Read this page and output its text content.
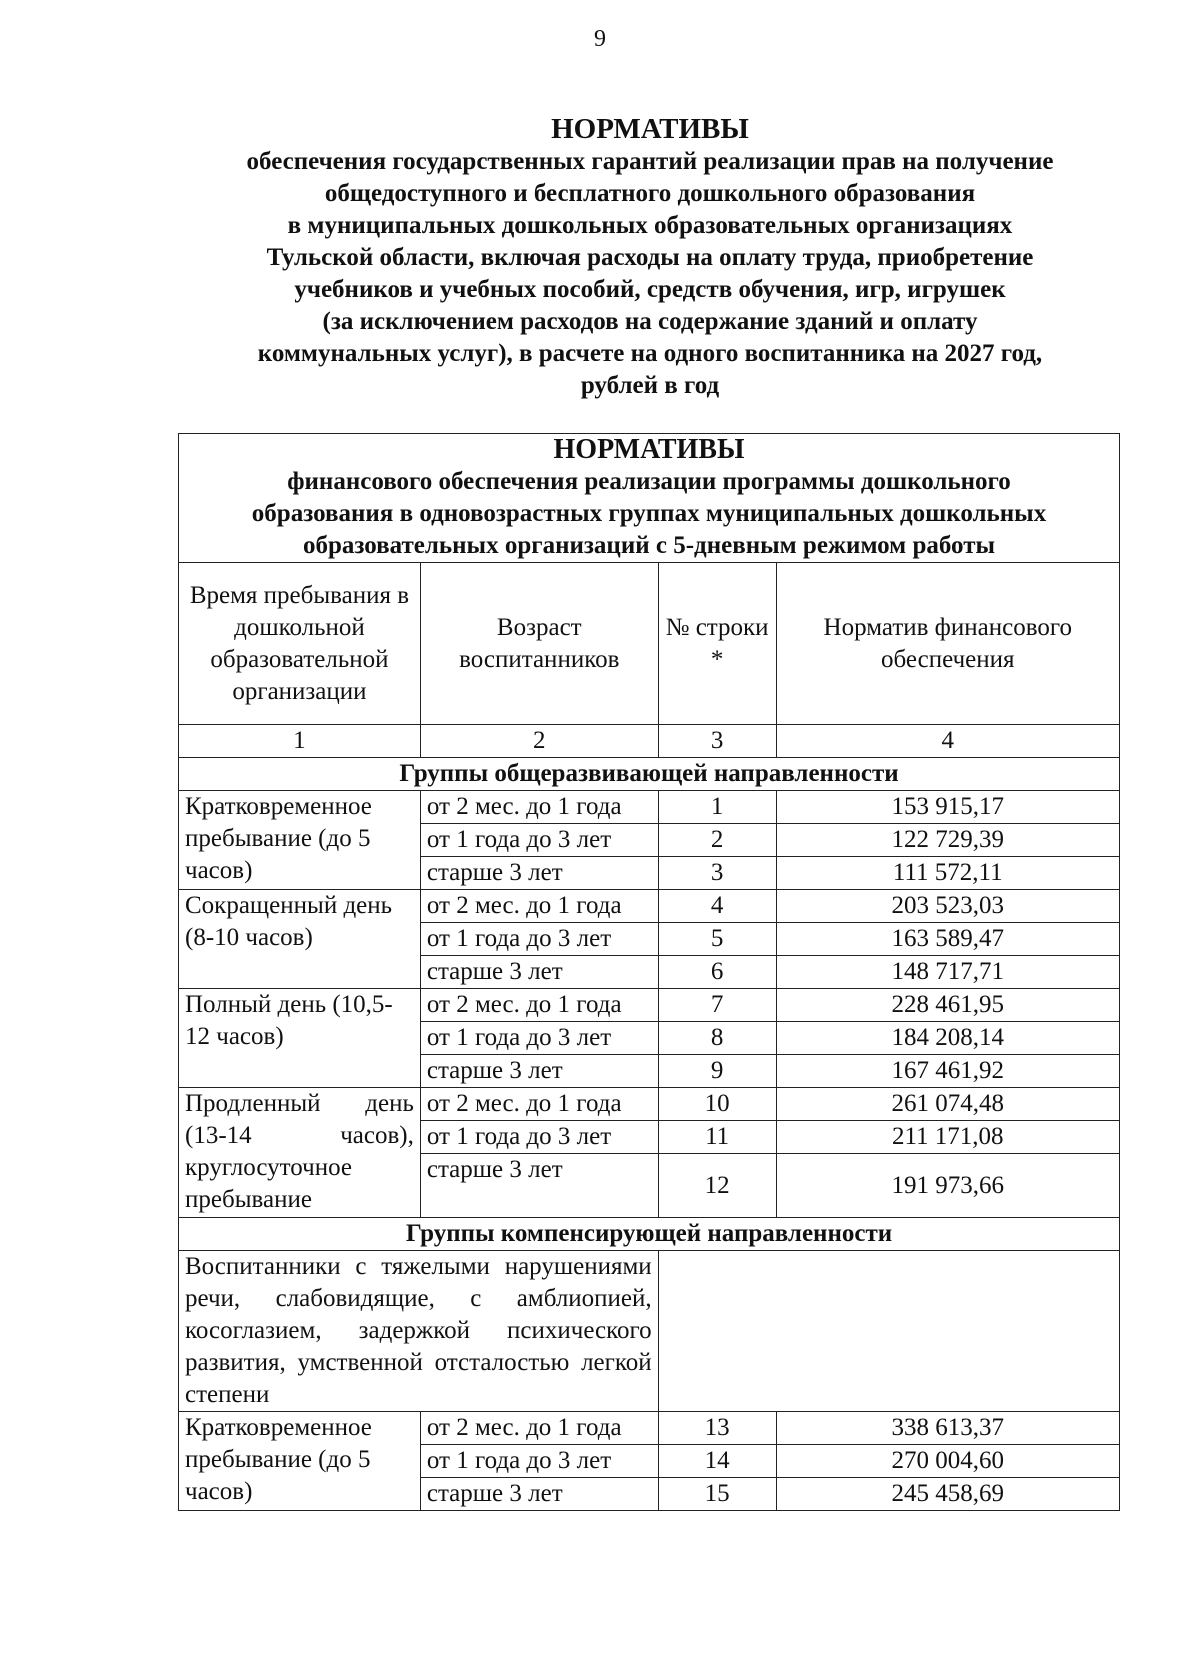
9
НОРМАТИВЫ
обеспечения государственных гарантий реализации прав на получение
общедоступного и бесплатного дошкольного образования
в муниципальных дошкольных образовательных организациях
Тульской области, включая расходы на оплату труда, приобретение
учебников и учебных пособий, средств обучения, игр, игрушек
(за исключением расходов на содержание зданий и оплату
коммунальных услуг), в расчете на одного воспитанника на 2027 год,
рублей в год
НОРМАТИВЫ
финансового обеспечения реализации программы дошкольного
образования в одновозрастных группах муниципальных дошкольных
образовательных организаций с 5-дневным режимом работы			

Время пребывания в дошкольной образовательной организации	Возраст воспитанников	№ строки *	Норматив финансового обеспечения
1	2	3	4
Группы общеразвивающей направленности			
Кратковременное пребывание (до 5 часов)	от 2 мес. до 1 года	1	153 915,17
	от 1 года до 3 лет	2	122 729,39
	старше 3 лет	3	111 572,11
Сокращенный день (8-10 часов)	от 2 мес. до 1 года	4	203 523,03
	от 1 года до 3 лет	5	163 589,47
	старше 3 лет	6	148 717,71
Полный день (10,5-12 часов)	от 2 мес. до 1 года	7	228 461,95
	от 1 года до 3 лет	8	184 208,14
	старше 3 лет	9	167 461,92
Продленный день (13-14 часов), круглосуточное пребывание	от 2 мес. до 1 года	10	261 074,48
	от 1 года до 3 лет	11	211 171,08
	старше 3 лет	12	191 973,66
Группы компенсирующей направленности			
Воспитанники с тяжелыми нарушениями речи, слабовидящие, с амблиопией, косоглазием, задержкой психического развития, умственной отсталостью легкой степени			
Кратковременное пребывание (до 5 часов)	от 2 мес. до 1 года	13	338 613,37
	от 1 года до 3 лет	14	270 004,60
	старше 3 лет	15	245 458,69
